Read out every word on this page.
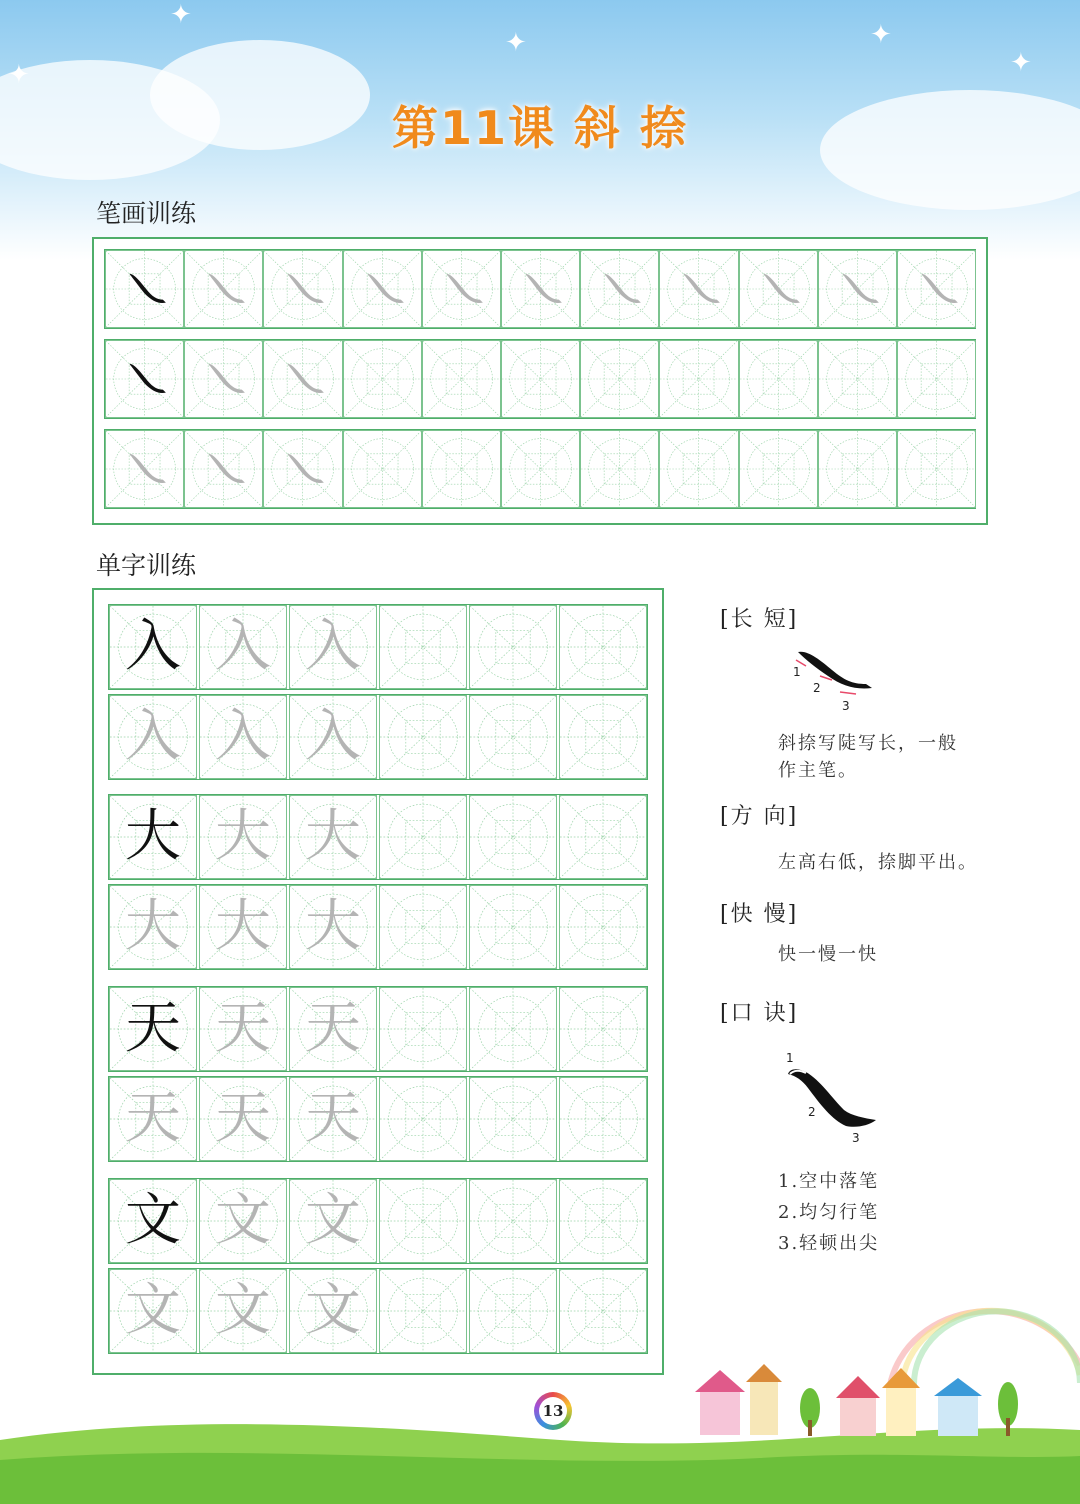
✦
✦	✦
✦
✦
第11课 斜 捺
笔画训练
单字训练
入 入 入
入 入 入
大 大 大
大 大 大
天 天 天
天 天 天
文 文 文
文 文 文
[长 短]
1
2
3
斜捺写陡写长，一般
作主笔。
[方 向]
左高右低，捺脚平出。
[快 慢]
快一慢一快
[口 诀]
1
2
3
1.空中落笔
2.均匀行笔
3.轻顿出尖
13
